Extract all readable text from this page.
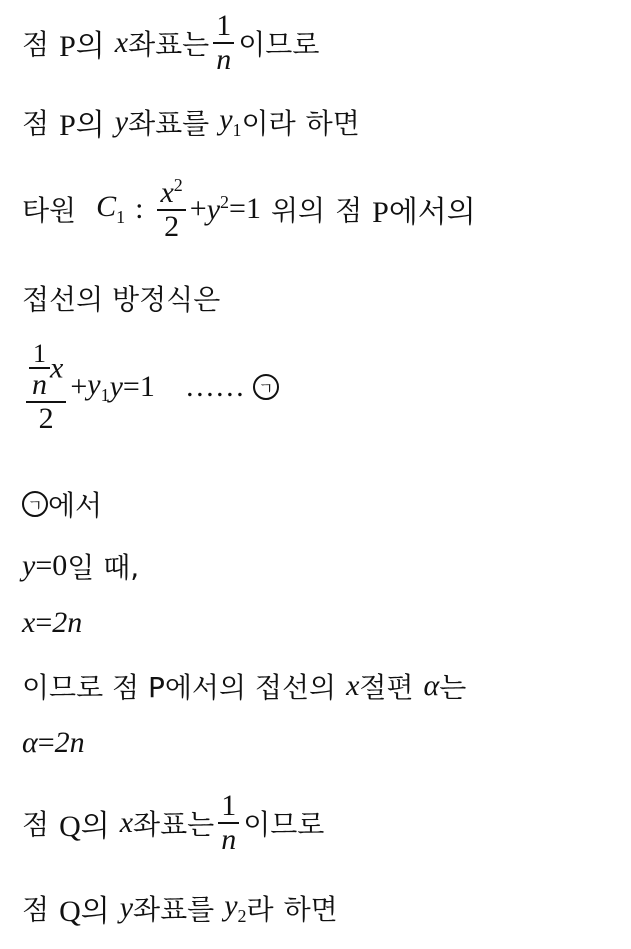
점 P의 x 좌표는 $\frac{1}{n}$ 이므로
점 P의 y 좌표를 $y_1$ 이라 하면
타원 $C_1$ : $\frac{x^2}{2} + y^2 = 1$ 위의 점 P에서의
접선의 방정식은
$\frac{\frac{1}{n} x}{2} + y_1$ y = 1 …… ㄱ
ㄱ 에서
y = 0 일 때,
x = 2n
이므로 점 P에서의 접선의 x 절편 α 는
α = 2n
점 Q의 x 좌표는 $\frac{1}{n}$ 이므로
점 Q의 y 좌표를 $y_2$ 라 하면
